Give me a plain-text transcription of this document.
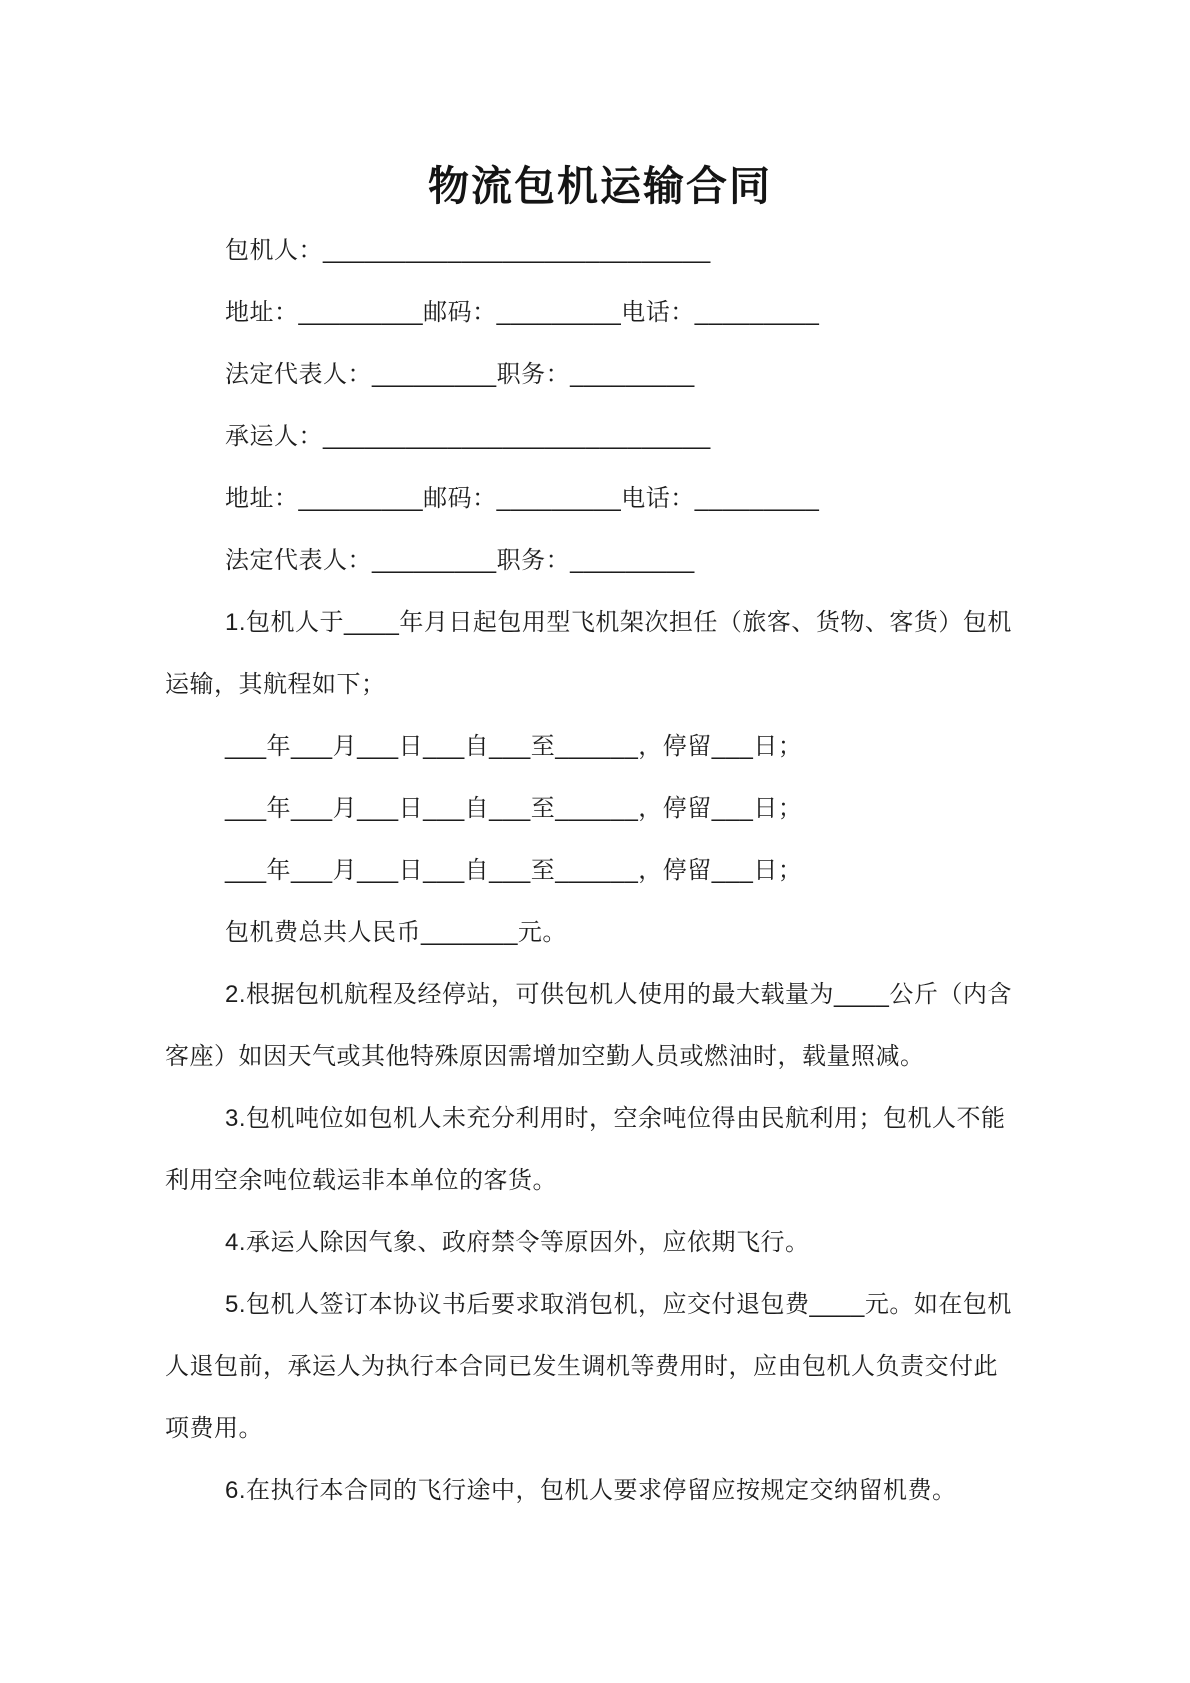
物流包机运输合同

包机人：____________________________

地址：_________邮码：_________电话：_________

法定代表人：_________职务：_________

承运人：____________________________

地址：_________邮码：_________电话：_________

法定代表人：_________职务：_________

1.包机人于____年月日起包用型飞机架次担任（旅客、货物、客货）包机

运输，其航程如下；

___年___月___日___自___至______，停留___日；

___年___月___日___自___至______，停留___日；

___年___月___日___自___至______，停留___日；

包机费总共人民币_______元。

2.根据包机航程及经停站，可供包机人使用的最大载量为____公斤（内含

客座）如因天气或其他特殊原因需增加空勤人员或燃油时，载量照减。

3.包机吨位如包机人未充分利用时，空余吨位得由民航利用；包机人不能

利用空余吨位载运非本单位的客货。

4.承运人除因气象、政府禁令等原因外，应依期飞行。

5.包机人签订本协议书后要求取消包机，应交付退包费____元。如在包机

人退包前，承运人为执行本合同已发生调机等费用时，应由包机人负责交付此

项费用。

6.在执行本合同的飞行途中，包机人要求停留应按规定交纳留机费。
